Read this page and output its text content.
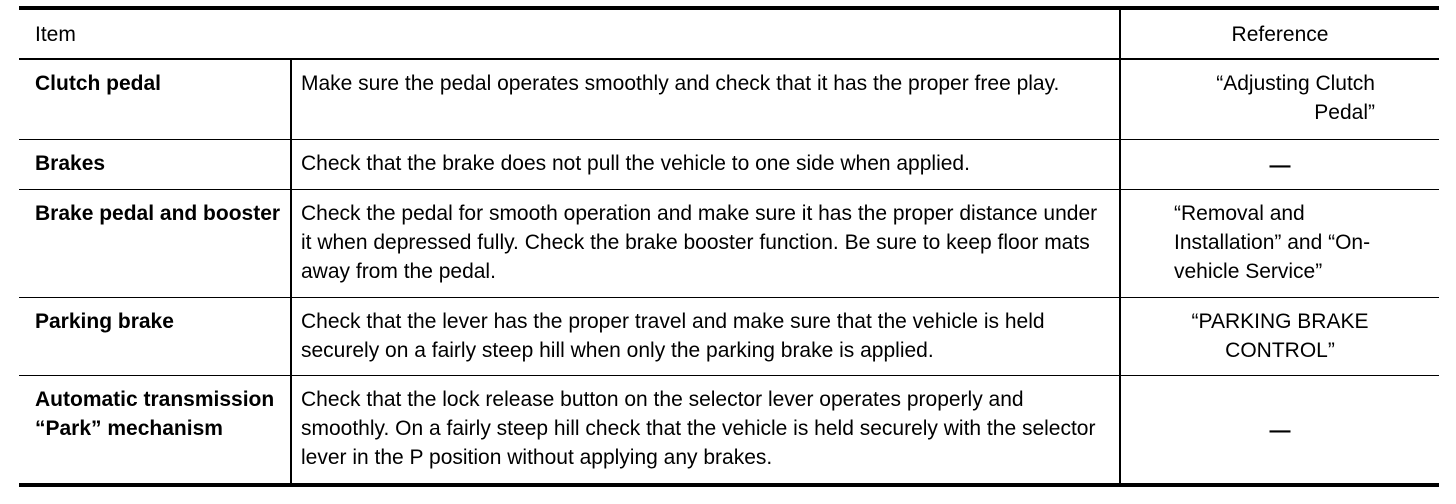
Item		Reference
Clutch pedal	Make sure the pedal operates smoothly and check that it has the proper free play.	“Adjusting Clutch Pedal”
Brakes	Check that the brake does not pull the vehicle to one side when applied.	—
Brake pedal and booster	Check the pedal for smooth operation and make sure it has the proper distance under it when depressed fully. Check the brake booster function. Be sure to keep floor mats away from the pedal.	“Removal and Installation” and “On-vehicle Service”
Parking brake	Check that the lever has the proper travel and make sure that the vehicle is held securely on a fairly steep hill when only the parking brake is applied.	“PARKING BRAKE CONTROL”
Automatic transmission “Park” mechanism	Check that the lock release button on the selector lever operates properly and smoothly. On a fairly steep hill check that the vehicle is held securely with the selector lever in the P position without applying any brakes.	—
